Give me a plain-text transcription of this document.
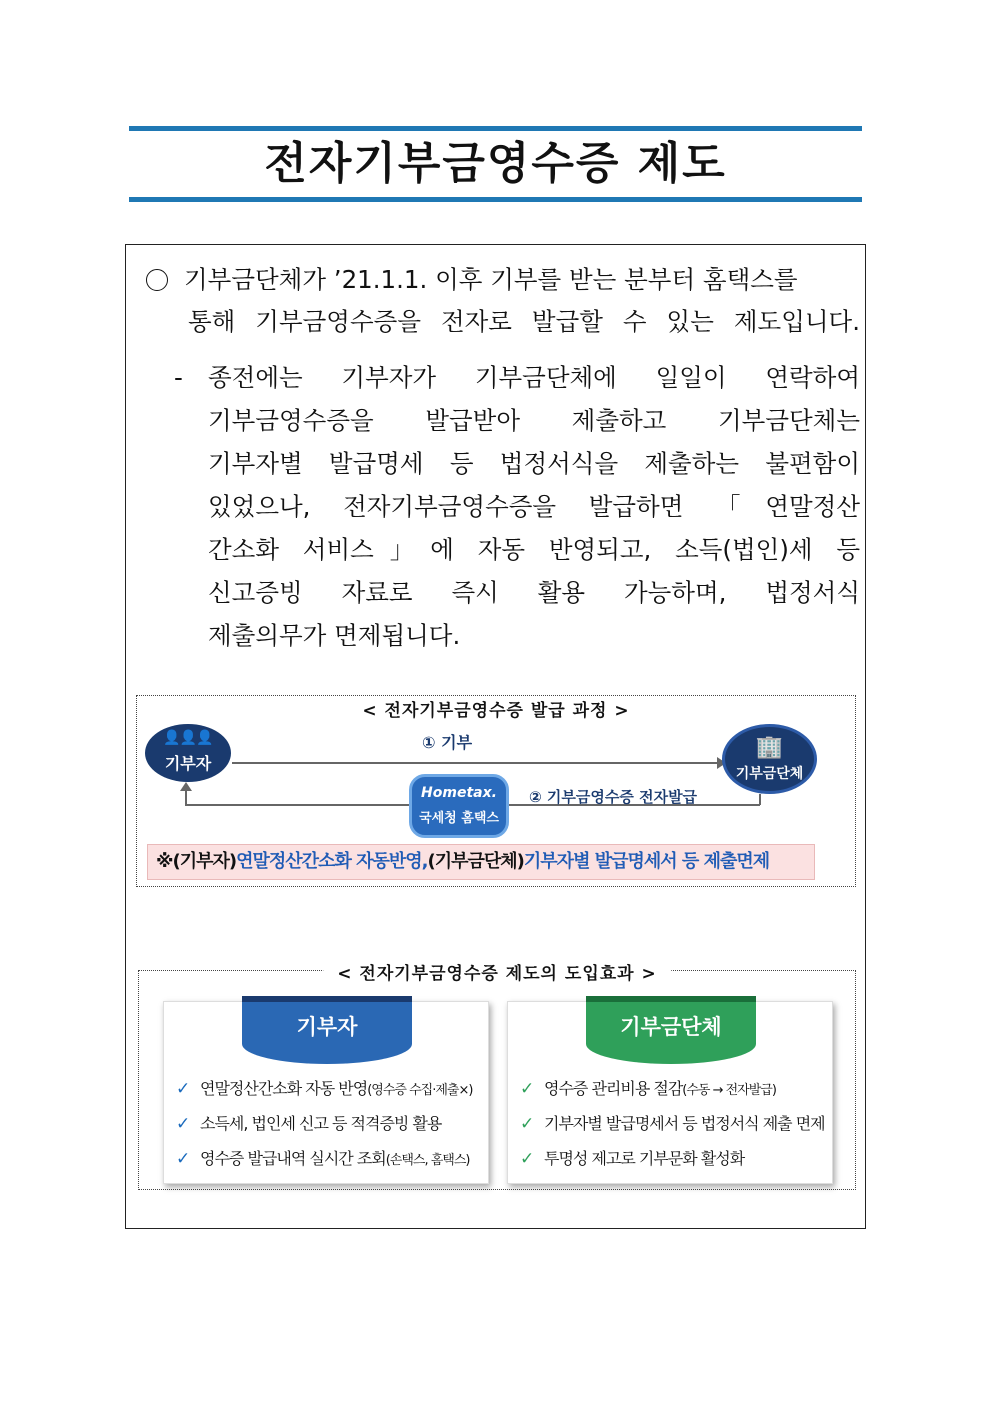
전자기부금영수증 제도
기부금단체가 ’21.1.1. 이후 기부를 받는 분부터 홈택스를
통해 기부금영수증을 전자로 발급할 수 있는 제도입니다.
- 종전에는 기부자가 기부금단체에 일일이 연락하여
기부금영수증을 발급받아 제출하고 기부금단체는
기부자별 발급명세 등 법정서식을 제출하는 불편함이
있었으나, 전자기부금영수증을 발급하면 「연말정산
간소화 서비스」에 자동 반영되고, 소득(법인)세 등
신고증빙 자료로 즉시 활용 가능하며, 법정서식
제출의무가 면제됩니다.
< 전자기부금영수증 발급 과정 >
👤👤👤
기부자
① 기부	🏢
기부금단체
Hometax.
국세청 홈택스
② 기부금영수증 전자발급
※(기부자)연말정산간소화 자동반영,(기부금단체)기부자별 발급명세서 등 제출면제
< 전자기부금영수증 제도의 도입효과 >
기부자
✓ 연말정산간소화 자동 반영(영수증 수집·제출×)
✓ 소득세, 법인세 신고 등 적격증빙 활용
✓ 영수증 발급내역 실시간 조회(손택스, 홈택스)
기부금단체
✓ 영수증 관리비용 절감(수동 → 전자발급)
✓ 기부자별 발급명세서 등 법정서식 제출 면제
✓ 투명성 제고로 기부문화 활성화
